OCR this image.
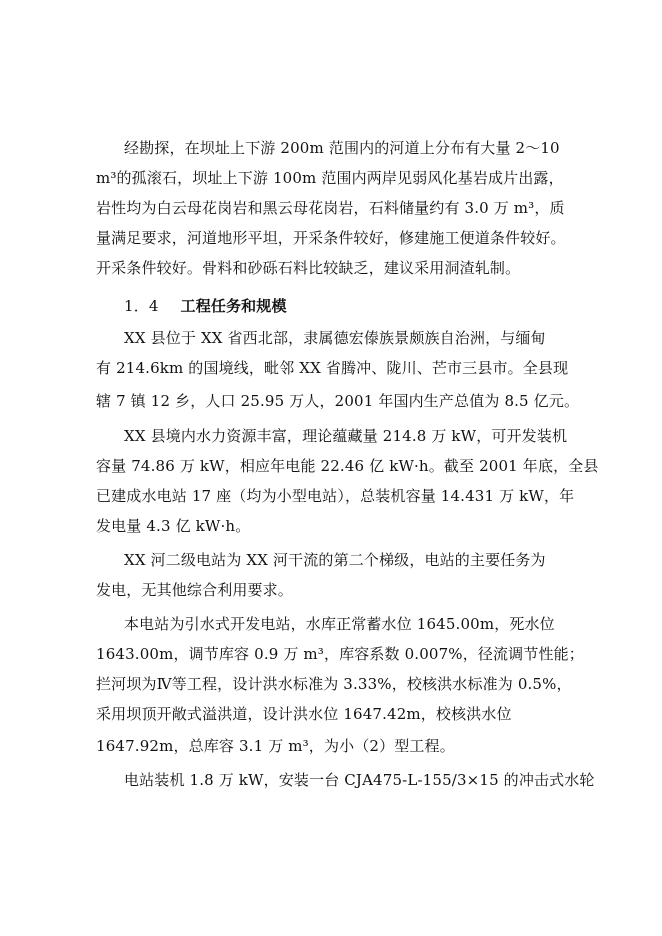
经勘探，在坝址上下游 200m 范围内的河道上分布有大量 2～10
m³的孤滚石，坝址上下游 100m 范围内两岸见弱风化基岩成片出露，
岩性均为白云母花岗岩和黑云母花岗岩，石料储量约有 3.0 万 m³，质
量满足要求，河道地形平坦，开采条件较好，修建施工便道条件较好。
开采条件较好。骨料和砂砾石料比较缺乏，建议采用洞渣轧制。
1．4 工程任务和规模
XX 县位于 XX 省西北部，隶属德宏傣族景颇族自治洲，与缅甸
有 214.6km 的国境线，毗邻 XX 省腾冲、陇川、芒市三县市。全县现
辖 7 镇 12 乡，人口 25.95 万人，2001 年国内生产总值为 8.5 亿元。
XX 县境内水力资源丰富，理论蕴藏量 214.8 万 kW，可开发装机
容量 74.86 万 kW，相应年电能 22.46 亿 kW·h。截至 2001 年底，全县
已建成水电站 17 座（均为小型电站），总装机容量 14.431 万 kW，年
发电量 4.3 亿 kW·h。
XX 河二级电站为 XX 河干流的第二个梯级，电站的主要任务为
发电，无其他综合利用要求。
本电站为引水式开发电站，水库正常蓄水位 1645.00m，死水位
1643.00m，调节库容 0.9 万 m³，库容系数 0.007%，径流调节性能；
拦河坝为Ⅳ等工程，设计洪水标准为 3.33%，校核洪水标准为 0.5%，
采用坝顶开敞式溢洪道，设计洪水位 1647.42m，校核洪水位
1647.92m，总库容 3.1 万 m³，为小（2）型工程。
电站装机 1.8 万 kW，安装一台 CJA475-L-155/3×15 的冲击式水轮
